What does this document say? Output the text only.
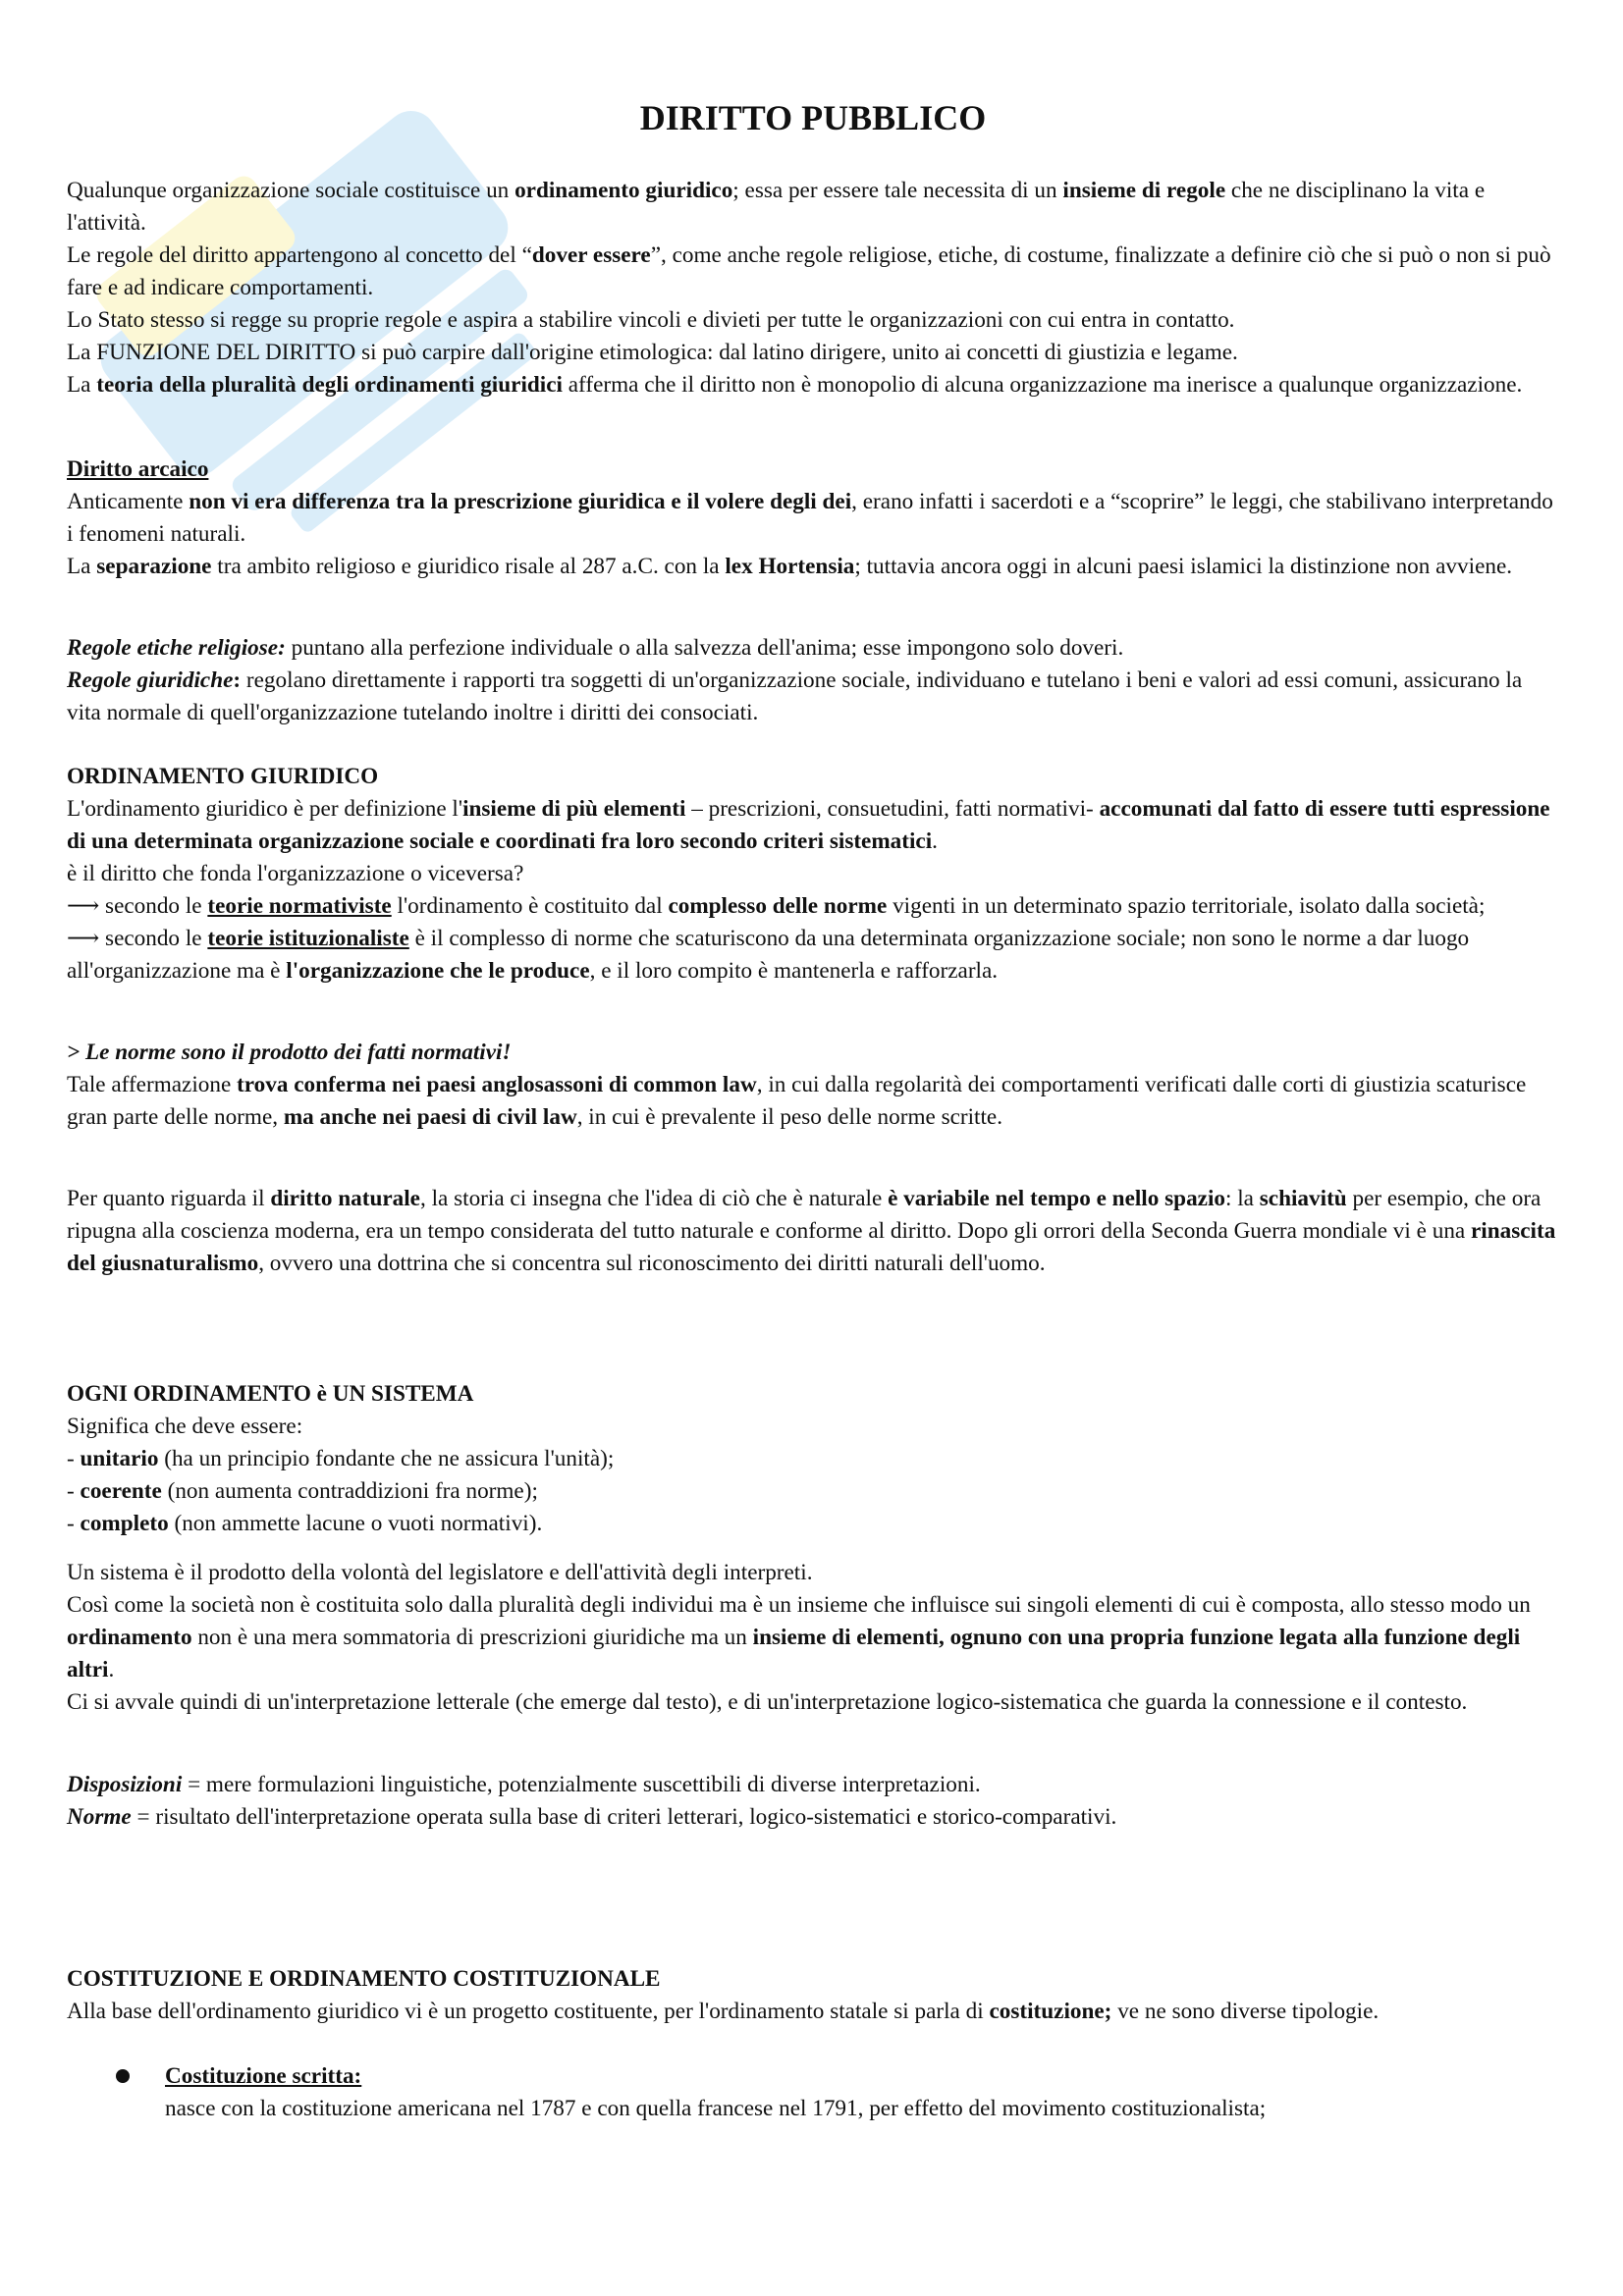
DIRITTO PUBBLICO

Qualunque organizzazione sociale costituisce un ordinamento giuridico; essa per essere tale necessita di un insieme di regole che ne disciplinano la vita e l'attività.

Le regole del diritto appartengono al concetto del “dover essere”, come anche regole religiose, etiche, di costume, finalizzate a definire ciò che si può o non si può fare e ad indicare comportamenti.

Lo Stato stesso si regge su proprie regole e aspira a stabilire vincoli e divieti per tutte le organizzazioni con cui entra in contatto.

La FUNZIONE DEL DIRITTO si può carpire dall'origine etimologica: dal latino dirigere, unito ai concetti di giustizia e legame.

La teoria della pluralità degli ordinamenti giuridici afferma che il diritto non è monopolio di alcuna organizzazione ma inerisce a qualunque organizzazione.

Diritto arcaico

Anticamente non vi era differenza tra la prescrizione giuridica e il volere degli dei, erano infatti i sacerdoti e a “scoprire” le leggi, che stabilivano interpretando i fenomeni naturali.

La separazione tra ambito religioso e giuridico risale al 287 a.C. con la lex Hortensia; tuttavia ancora oggi in alcuni paesi islamici la distinzione non avviene.

Regole etiche religiose: puntano alla perfezione individuale o alla salvezza dell'anima; esse impongono solo doveri.

Regole giuridiche: regolano direttamente i rapporti tra soggetti di un'organizzazione sociale, individuano e tutelano i beni e valori ad essi comuni, assicurano la vita normale di quell'organizzazione tutelando inoltre i diritti dei consociati.

ORDINAMENTO GIURIDICO

L'ordinamento giuridico è per definizione l'insieme di più elementi – prescrizioni, consuetudini, fatti normativi- accomunati dal fatto di essere tutti espressione di una determinata organizzazione sociale e coordinati fra loro secondo criteri sistematici.

è il diritto che fonda l'organizzazione o viceversa?

⟶ secondo le teorie normativiste l'ordinamento è costituito dal complesso delle norme vigenti in un determinato spazio territoriale, isolato dalla società;

⟶ secondo le teorie istituzionaliste è il complesso di norme che scaturiscono da una determinata organizzazione sociale; non sono le norme a dar luogo all'organizzazione ma è l'organizzazione che le produce, e il loro compito è mantenerla e rafforzarla.

> Le norme sono il prodotto dei fatti normativi!

Tale affermazione trova conferma nei paesi anglosassoni di common law, in cui dalla regolarità dei comportamenti verificati dalle corti di giustizia scaturisce gran parte delle norme, ma anche nei paesi di civil law, in cui è prevalente il peso delle norme scritte.

Per quanto riguarda il diritto naturale, la storia ci insegna che l'idea di ciò che è naturale è variabile nel tempo e nello spazio: la schiavitù per esempio, che ora ripugna alla coscienza moderna, era un tempo considerata del tutto naturale e conforme al diritto. Dopo gli orrori della Seconda Guerra mondiale vi è una rinascita del giusnaturalismo, ovvero una dottrina che si concentra sul riconoscimento dei diritti naturali dell'uomo.

OGNI ORDINAMENTO è UN SISTEMA

Significa che deve essere:

- unitario (ha un principio fondante che ne assicura l'unità);

- coerente (non aumenta contraddizioni fra norme);

- completo (non ammette lacune o vuoti normativi).

Un sistema è il prodotto della volontà del legislatore e dell'attività degli interpreti.

Così come la società non è costituita solo dalla pluralità degli individui ma è un insieme che influisce sui singoli elementi di cui è composta, allo stesso modo un ordinamento non è una mera sommatoria di prescrizioni giuridiche ma un insieme di elementi, ognuno con una propria funzione legata alla funzione degli altri.

Ci si avvale quindi di un'interpretazione letterale (che emerge dal testo), e di un'interpretazione logico-sistematica che guarda la connessione e il contesto.

Disposizioni = mere formulazioni linguistiche, potenzialmente suscettibili di diverse interpretazioni.

Norme = risultato dell'interpretazione operata sulla base di criteri letterari, logico-sistematici e storico-comparativi.

COSTITUZIONE E ORDINAMENTO COSTITUZIONALE

Alla base dell'ordinamento giuridico vi è un progetto costituente, per l'ordinamento statale si parla di costituzione; ve ne sono diverse tipologie.

Costituzione scritta:

nasce con la costituzione americana nel 1787 e con quella francese nel 1791, per effetto del movimento costituzionalista;
